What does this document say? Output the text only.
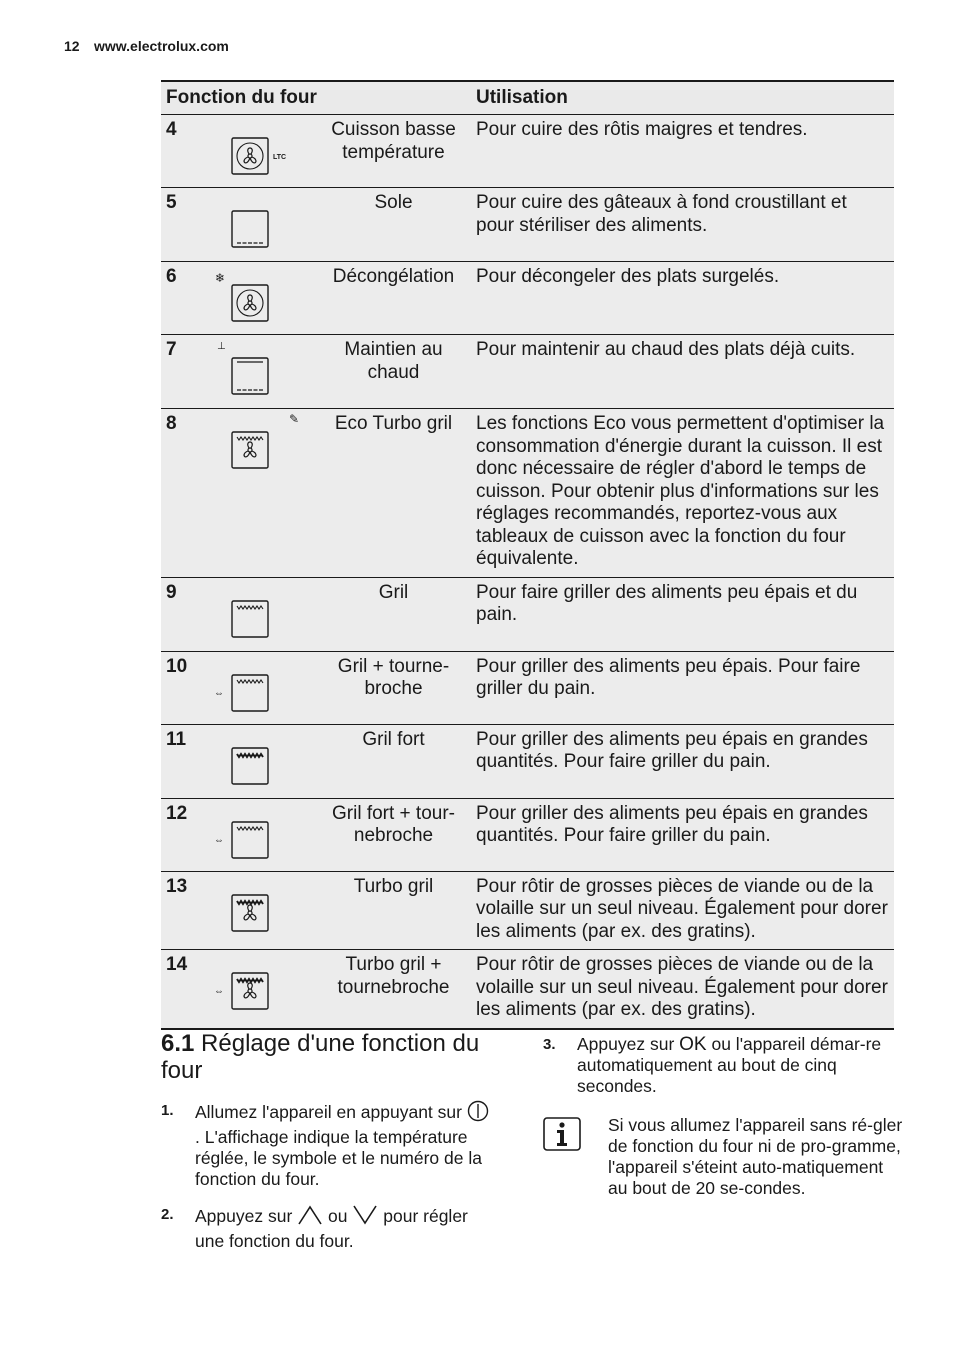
12 www.electrolux.com
Fonction du four			Utilisation
4	LTC	Cuisson basse température	Pour cuire des rôtis maigres et tendres.
5		Sole	Pour cuire des gâteaux à fond croustillant et pour stériliser des aliments.
6	❄	Décongélation	Pour décongeler des plats surgelés.
7	⊥	Maintien au chaud	Pour maintenir au chaud des plats déjà cuits.
8	✎	Eco Turbo gril	Les fonctions Eco vous permettent d'optimiser la consommation d'énergie durant la cuisson. Il est donc nécessaire de régler d'abord le temps de cuisson. Pour obtenir plus d'informations sur les réglages recommandés, reportez-vous aux tableaux de cuisson avec la fonction du four équivalente.
9		Gril	Pour faire griller des aliments peu épais et du pain.
10	⇔	Gril + tourne-broche	Pour griller des aliments peu épais. Pour faire griller du pain.
11		Gril fort	Pour griller des aliments peu épais en grandes quantités. Pour faire griller du pain.
12	⇔	Gril fort + tour-nebroche	Pour griller des aliments peu épais en grandes quantités. Pour faire griller du pain.
13		Turbo gril	Pour rôtir de grosses pièces de viande ou de la volaille sur un seul niveau. Également pour dorer les aliments (par ex. des gratins).
14	⇔	Turbo gril + tournebroche	Pour rôtir de grosses pièces de viande ou de la volaille sur un seul niveau. Également pour dorer les aliments (par ex. des gratins).
6.1 Réglage d'une fonction du four
1. Allumez l'appareil en appuyant sur
. L'affichage indique la température réglée, le symbole et le numéro de la fonction du four.
2. Appuyez sur ou pour régler une fonction du four.
3. Appuyez sur OK ou l'appareil démar-re automatiquement au bout de cinq secondes.
Si vous allumez l'appareil sans ré-gler de fonction du four ni de pro-gramme, l'appareil s'éteint auto-matiquement au bout de 20 se-condes.
